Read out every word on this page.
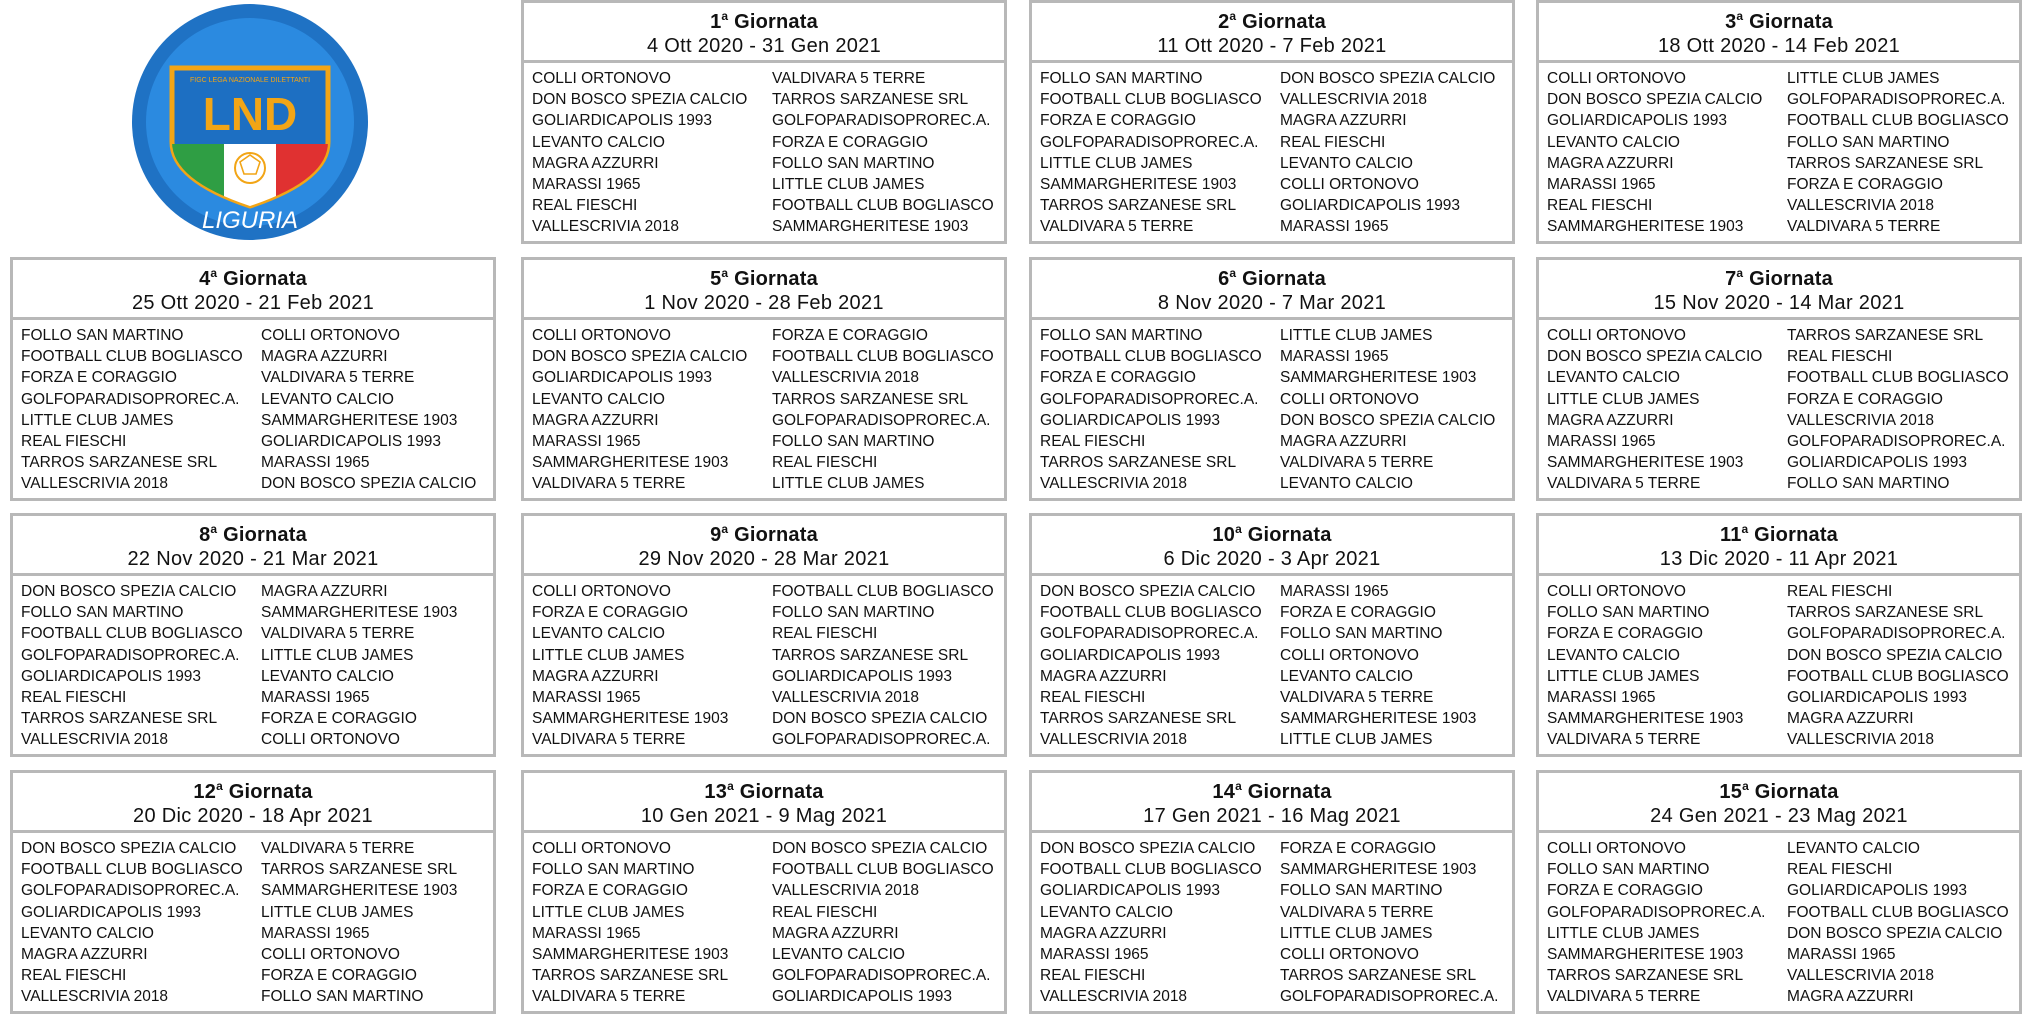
FIGC LEGA NAZIONALE DILETTANTI
LND
LIGURIA
1$^a$ Giornata
4 Ott 2020 - 31 Gen 2021
COLLI ORTONOVO	VALDIVARA 5 TERRE
DON BOSCO SPEZIA CALCIO	TARROS SARZANESE SRL
GOLIARDICAPOLIS 1993	GOLFOPARADISOPROREC.A.
LEVANTO CALCIO	FORZA E CORAGGIO
MAGRA AZZURRI	FOLLO SAN MARTINO
MARASSI 1965	LITTLE CLUB JAMES
REAL FIESCHI	FOOTBALL CLUB BOGLIASCO
VALLESCRIVIA 2018	SAMMARGHERITESE 1903
2$^a$ Giornata
11 Ott 2020 - 7 Feb 2021
FOLLO SAN MARTINO	DON BOSCO SPEZIA CALCIO
FOOTBALL CLUB BOGLIASCO	VALLESCRIVIA 2018
FORZA E CORAGGIO	MAGRA AZZURRI
GOLFOPARADISOPROREC.A.	REAL FIESCHI
LITTLE CLUB JAMES	LEVANTO CALCIO
SAMMARGHERITESE 1903	COLLI ORTONOVO
TARROS SARZANESE SRL	GOLIARDICAPOLIS 1993
VALDIVARA 5 TERRE	MARASSI 1965
3$^a$ Giornata
18 Ott 2020 - 14 Feb 2021
COLLI ORTONOVO	LITTLE CLUB JAMES
DON BOSCO SPEZIA CALCIO	GOLFOPARADISOPROREC.A.
GOLIARDICAPOLIS 1993	FOOTBALL CLUB BOGLIASCO
LEVANTO CALCIO	FOLLO SAN MARTINO
MAGRA AZZURRI	TARROS SARZANESE SRL
MARASSI 1965	FORZA E CORAGGIO
REAL FIESCHI	VALLESCRIVIA 2018
SAMMARGHERITESE 1903	VALDIVARA 5 TERRE
4$^a$ Giornata
25 Ott 2020 - 21 Feb 2021
FOLLO SAN MARTINO	COLLI ORTONOVO
FOOTBALL CLUB BOGLIASCO	MAGRA AZZURRI
FORZA E CORAGGIO	VALDIVARA 5 TERRE
GOLFOPARADISOPROREC.A.	LEVANTO CALCIO
LITTLE CLUB JAMES	SAMMARGHERITESE 1903
REAL FIESCHI	GOLIARDICAPOLIS 1993
TARROS SARZANESE SRL	MARASSI 1965
VALLESCRIVIA 2018	DON BOSCO SPEZIA CALCIO
5$^a$ Giornata
1 Nov 2020 - 28 Feb 2021
COLLI ORTONOVO	FORZA E CORAGGIO
DON BOSCO SPEZIA CALCIO	FOOTBALL CLUB BOGLIASCO
GOLIARDICAPOLIS 1993	VALLESCRIVIA 2018
LEVANTO CALCIO	TARROS SARZANESE SRL
MAGRA AZZURRI	GOLFOPARADISOPROREC.A.
MARASSI 1965	FOLLO SAN MARTINO
SAMMARGHERITESE 1903	REAL FIESCHI
VALDIVARA 5 TERRE	LITTLE CLUB JAMES
6$^a$ Giornata
8 Nov 2020 - 7 Mar 2021
FOLLO SAN MARTINO	LITTLE CLUB JAMES
FOOTBALL CLUB BOGLIASCO	MARASSI 1965
FORZA E CORAGGIO	SAMMARGHERITESE 1903
GOLFOPARADISOPROREC.A.	COLLI ORTONOVO
GOLIARDICAPOLIS 1993	DON BOSCO SPEZIA CALCIO
REAL FIESCHI	MAGRA AZZURRI
TARROS SARZANESE SRL	VALDIVARA 5 TERRE
VALLESCRIVIA 2018	LEVANTO CALCIO
7$^a$ Giornata
15 Nov 2020 - 14 Mar 2021
COLLI ORTONOVO	TARROS SARZANESE SRL
DON BOSCO SPEZIA CALCIO	REAL FIESCHI
LEVANTO CALCIO	FOOTBALL CLUB BOGLIASCO
LITTLE CLUB JAMES	FORZA E CORAGGIO
MAGRA AZZURRI	VALLESCRIVIA 2018
MARASSI 1965	GOLFOPARADISOPROREC.A.
SAMMARGHERITESE 1903	GOLIARDICAPOLIS 1993
VALDIVARA 5 TERRE	FOLLO SAN MARTINO
8$^a$ Giornata
22 Nov 2020 - 21 Mar 2021
DON BOSCO SPEZIA CALCIO	MAGRA AZZURRI
FOLLO SAN MARTINO	SAMMARGHERITESE 1903
FOOTBALL CLUB BOGLIASCO	VALDIVARA 5 TERRE
GOLFOPARADISOPROREC.A.	LITTLE CLUB JAMES
GOLIARDICAPOLIS 1993	LEVANTO CALCIO
REAL FIESCHI	MARASSI 1965
TARROS SARZANESE SRL	FORZA E CORAGGIO
VALLESCRIVIA 2018	COLLI ORTONOVO
9$^a$ Giornata
29 Nov 2020 - 28 Mar 2021
COLLI ORTONOVO	FOOTBALL CLUB BOGLIASCO
FORZA E CORAGGIO	FOLLO SAN MARTINO
LEVANTO CALCIO	REAL FIESCHI
LITTLE CLUB JAMES	TARROS SARZANESE SRL
MAGRA AZZURRI	GOLIARDICAPOLIS 1993
MARASSI 1965	VALLESCRIVIA 2018
SAMMARGHERITESE 1903	DON BOSCO SPEZIA CALCIO
VALDIVARA 5 TERRE	GOLFOPARADISOPROREC.A.
10$^a$ Giornata
6 Dic 2020 - 3 Apr 2021
DON BOSCO SPEZIA CALCIO	MARASSI 1965
FOOTBALL CLUB BOGLIASCO	FORZA E CORAGGIO
GOLFOPARADISOPROREC.A.	FOLLO SAN MARTINO
GOLIARDICAPOLIS 1993	COLLI ORTONOVO
MAGRA AZZURRI	LEVANTO CALCIO
REAL FIESCHI	VALDIVARA 5 TERRE
TARROS SARZANESE SRL	SAMMARGHERITESE 1903
VALLESCRIVIA 2018	LITTLE CLUB JAMES
11$^a$ Giornata
13 Dic 2020 - 11 Apr 2021
COLLI ORTONOVO	REAL FIESCHI
FOLLO SAN MARTINO	TARROS SARZANESE SRL
FORZA E CORAGGIO	GOLFOPARADISOPROREC.A.
LEVANTO CALCIO	DON BOSCO SPEZIA CALCIO
LITTLE CLUB JAMES	FOOTBALL CLUB BOGLIASCO
MARASSI 1965	GOLIARDICAPOLIS 1993
SAMMARGHERITESE 1903	MAGRA AZZURRI
VALDIVARA 5 TERRE	VALLESCRIVIA 2018
12$^a$ Giornata
20 Dic 2020 - 18 Apr 2021
DON BOSCO SPEZIA CALCIO	VALDIVARA 5 TERRE
FOOTBALL CLUB BOGLIASCO	TARROS SARZANESE SRL
GOLFOPARADISOPROREC.A.	SAMMARGHERITESE 1903
GOLIARDICAPOLIS 1993	LITTLE CLUB JAMES
LEVANTO CALCIO	MARASSI 1965
MAGRA AZZURRI	COLLI ORTONOVO
REAL FIESCHI	FORZA E CORAGGIO
VALLESCRIVIA 2018	FOLLO SAN MARTINO
13$^a$ Giornata
10 Gen 2021 - 9 Mag 2021
COLLI ORTONOVO	DON BOSCO SPEZIA CALCIO
FOLLO SAN MARTINO	FOOTBALL CLUB BOGLIASCO
FORZA E CORAGGIO	VALLESCRIVIA 2018
LITTLE CLUB JAMES	REAL FIESCHI
MARASSI 1965	MAGRA AZZURRI
SAMMARGHERITESE 1903	LEVANTO CALCIO
TARROS SARZANESE SRL	GOLFOPARADISOPROREC.A.
VALDIVARA 5 TERRE	GOLIARDICAPOLIS 1993
14$^a$ Giornata
17 Gen 2021 - 16 Mag 2021
DON BOSCO SPEZIA CALCIO	FORZA E CORAGGIO
FOOTBALL CLUB BOGLIASCO	SAMMARGHERITESE 1903
GOLIARDICAPOLIS 1993	FOLLO SAN MARTINO
LEVANTO CALCIO	VALDIVARA 5 TERRE
MAGRA AZZURRI	LITTLE CLUB JAMES
MARASSI 1965	COLLI ORTONOVO
REAL FIESCHI	TARROS SARZANESE SRL
VALLESCRIVIA 2018	GOLFOPARADISOPROREC.A.
15$^a$ Giornata
24 Gen 2021 - 23 Mag 2021
COLLI ORTONOVO	LEVANTO CALCIO
FOLLO SAN MARTINO	REAL FIESCHI
FORZA E CORAGGIO	GOLIARDICAPOLIS 1993
GOLFOPARADISOPROREC.A.	FOOTBALL CLUB BOGLIASCO
LITTLE CLUB JAMES	DON BOSCO SPEZIA CALCIO
SAMMARGHERITESE 1903	MARASSI 1965
TARROS SARZANESE SRL	VALLESCRIVIA 2018
VALDIVARA 5 TERRE	MAGRA AZZURRI
